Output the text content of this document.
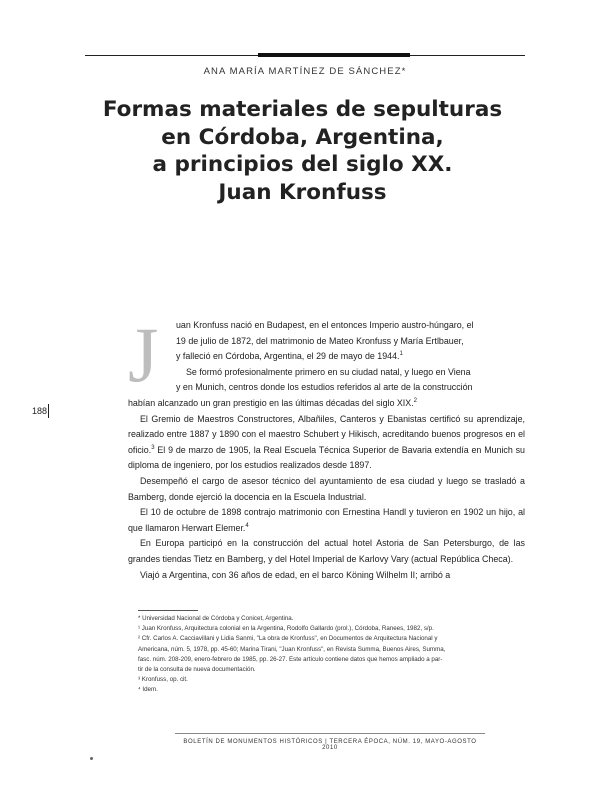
ANA MARÍA MARTÍNEZ DE SÁNCHEZ*
Formas materiales de sepulturas
en Córdoba, Argentina,
a principios del siglo XX.
Juan Kronfuss
J
188

uan Kronfuss nació en Budapest, en el entonces Imperio austro-húngaro, el
19 de julio de 1872, del matrimonio de Mateo Kronfuss y María Ertlbauer,
y falleció en Córdoba, Argentina, el 29 de mayo de 1944.$^1$

Se formó profesionalmente primero en su ciudad natal, y luego en Viena
y en Munich, centros donde los estudios referidos al arte de la construcción
habían alcanzado un gran prestigio en las últimas décadas del siglo XIX.$^2$

El Gremio de Maestros Constructores, Albañiles, Canteros y Ebanistas certificó su aprendizaje, realizado entre 1887 y 1890 con el maestro Schubert y Hikisch, acreditando buenos progresos en el oficio.$^3$ El 9 de marzo de 1905, la Real Escuela Técnica Superior de Bavaria extendía en Munich su diploma de ingeniero, por los estudios realizados desde 1897.

Desempeñó el cargo de asesor técnico del ayuntamiento de esa ciudad y luego se trasladó a Bamberg, donde ejerció la docencia en la Escuela Industrial.

El 10 de octubre de 1898 contrajo matrimonio con Ernestina Handl y tuvieron en 1902 un hijo, al que llamaron Herwart Elemer.$^4$

En Europa participó en la construcción del actual hotel Astoria de San Petersburgo, de las grandes tiendas Tietz en Bamberg, y del Hotel Imperial de Karlovy Vary (actual República Checa).

Viajó a Argentina, con 36 años de edad, en el barco Köning Wilhelm II; arribó a

* Universidad Nacional de Córdoba y Conicet, Argentina.
¹ Juan Kronfuss, Arquitectura colonial en la Argentina, Rodolfo Gallardo (prol.), Córdoba, Ranees, 1982, s/p.
² Cfr. Carlos A. Cacciavillani y Lidia Sanmi, "La obra de Kronfuss", en Documentos de Arquitectura Nacional y
Americana, núm. 5, 1978, pp. 45-60; Marina Tirani, "Juan Kronfuss", en Revista Summa, Buenos Aires, Summa,
fasc. núm. 208-209, enero-febrero de 1985, pp. 26-27. Este artículo contiene datos que hemos ampliado a par-
tir de la consulta de nueva documentación.
³ Kronfuss, op. cit.
⁴ Idem.
BOLETÍN DE MONUMENTOS HISTÓRICOS | TERCERA ÉPOCA, NÚM. 19, MAYO-AGOSTO 2010
